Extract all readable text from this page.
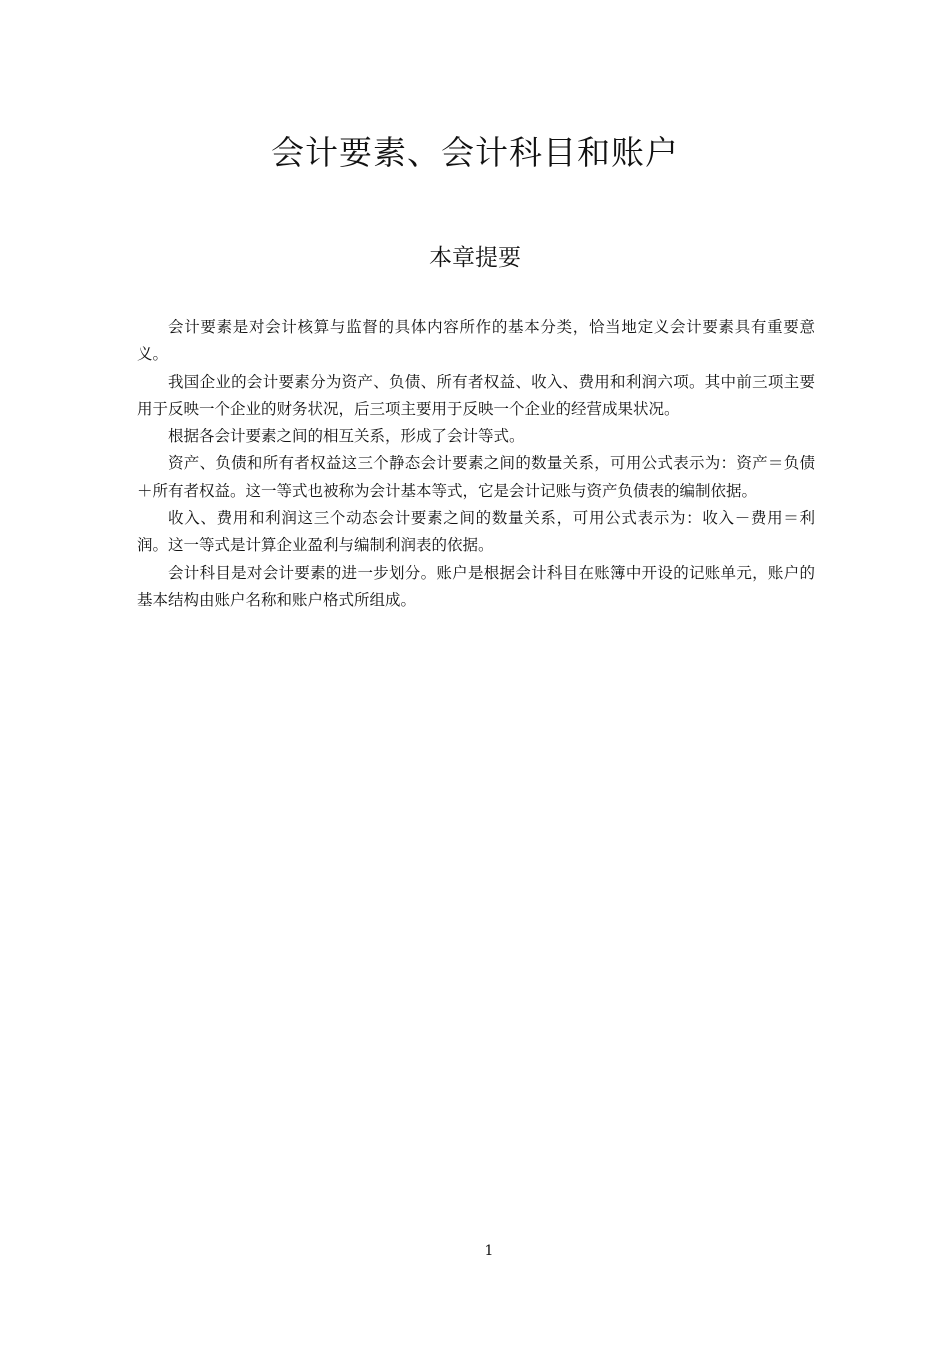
会计要素、会计科目和账户
本章提要

会计要素是对会计核算与监督的具体内容所作的基本分类，恰当地定义会计要素具有重要意义。

我国企业的会计要素分为资产、负债、所有者权益、收入、费用和利润六项。其中前三项主要用于反映一个企业的财务状况，后三项主要用于反映一个企业的经营成果状况。

根据各会计要素之间的相互关系，形成了会计等式。

资产、负债和所有者权益这三个静态会计要素之间的数量关系，可用公式表示为：资产＝负债＋所有者权益。这一等式也被称为会计基本等式，它是会计记账与资产负债表的编制依据。

收入、费用和利润这三个动态会计要素之间的数量关系，可用公式表示为：收入－费用＝利润。这一等式是计算企业盈利与编制利润表的依据。

会计科目是对会计要素的进一步划分。账户是根据会计科目在账簿中开设的记账单元，账户的基本结构由账户名称和账户格式所组成。

1
